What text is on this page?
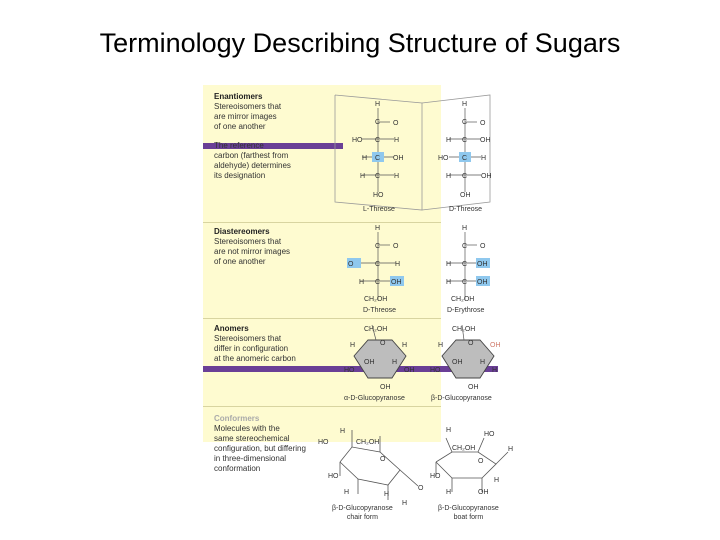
Terminology Describing Structure of Sugars
Enantiomers
Stereoisomers that
are mirror images
of one another
The reference
carbon (farthest from
aldehyde) determines
its designation
Diastereomers
Stereoisomers that
are not mirror images
of one another
Anomers
Stereoisomers that
differ in configuration
at the anomeric carbon
Conformers
Molecules with the
same stereochemical
configuration, but differing
in three-dimensional
conformation
H
C O
HO C H
H C OH
H C H
HO
H
C O
H C OH
HO C H
H C OH
OH
H
C O
O	C H
H C OH
CH₂OH
H
C O
H C OH
H C OH
CH₂OH
CH₂OH
O
H	H
OH	H
HO	OH
OH
CH₂OH
O
H	OH
OH	H
HO	H
OH
H
HO	CH₂OH
O
HO
H	H
H
O
H
HO
CH₂OH
O
H
HO
H	OH
H
L-Threose	D-Threose
D-Threose	D-Erythrose
α-D-Glucopyranose	β-D-Glucopyranose
β-D-Glucopyranose
chair form
β-D-Glucopyranose
boat form
